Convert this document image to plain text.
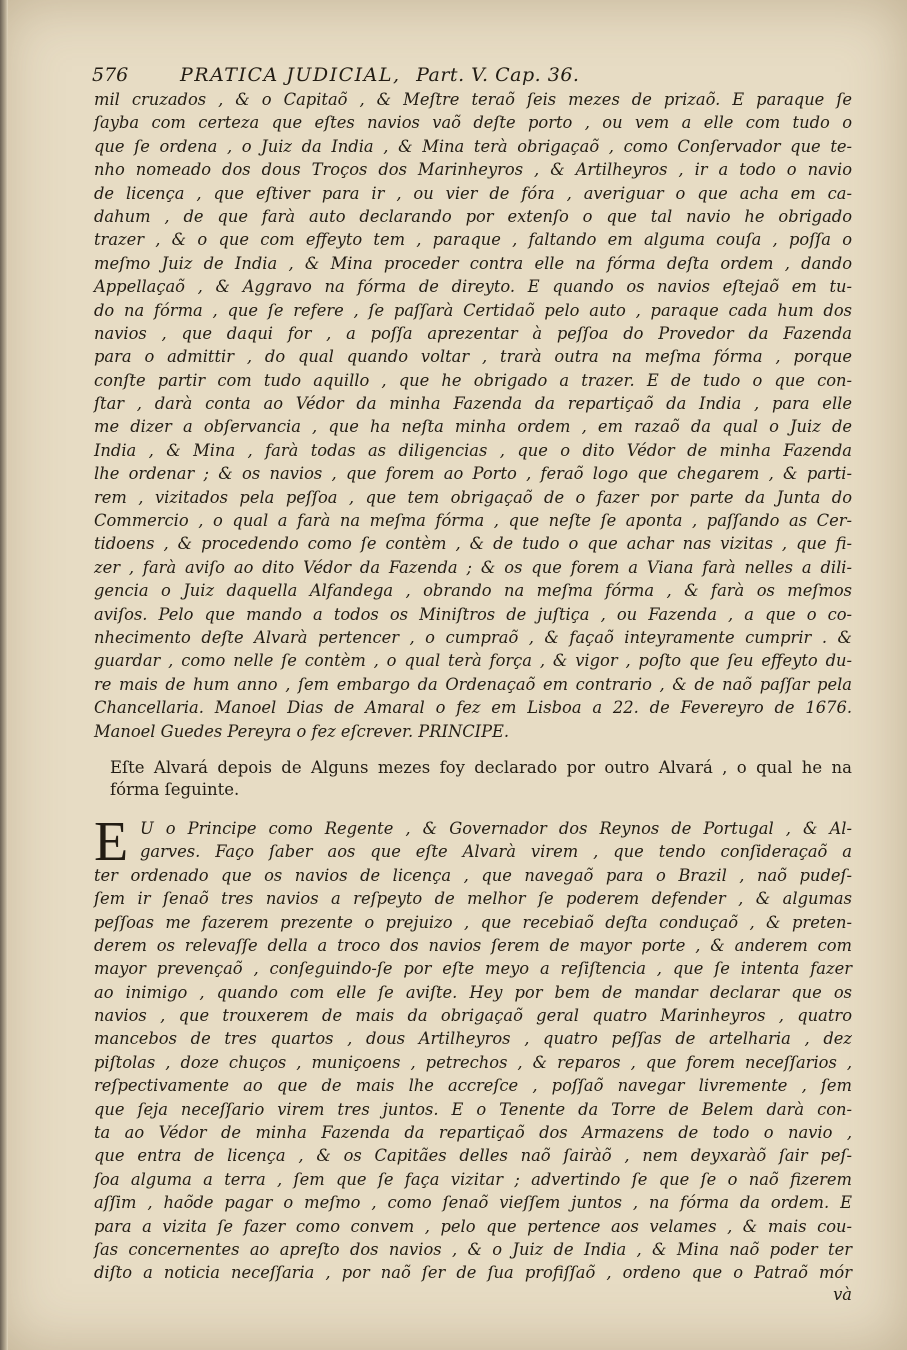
576	PRATICA JUDICIAL, Part. V. Cap. 36.
mil cruzados , & o Capitaõ , & Meſtre teraõ ſeis mezes de prizaõ. E paraque ſe
ſayba com certeza que eſtes navios vaõ deſte porto , ou vem a elle com tudo o
que ſe ordena , o Juiz da India , & Mina terà obrigaçaõ , como Conſervador que te-
nho nomeado dos dous Troços dos Marinheyros , & Artilheyros , ir a todo o navio
de licença , que eſtiver para ir , ou vier de fóra , averiguar o que acha em ca-
dahum , de que farà auto declarando por extenſo o que tal navio he obrigado
trazer , & o que com effeyto tem , paraque , faltando em alguma couſa , poſſa o
meſmo Juiz de India , & Mina proceder contra elle na fórma deſta ordem , dando
Appellaçaõ , & Aggravo na fórma de direyto. E quando os navios eſtejaõ em tu-
do na fórma , que ſe refere , ſe paſſarà Certidaõ pelo auto , paraque cada hum dos
navios , que daqui for , a poſſa aprezentar à peſſoa do Provedor da Fazenda
para o admittir , do qual quando voltar , trarà outra na meſma fórma , porque
conſte partir com tudo aquillo , que he obrigado a trazer. E de tudo o que con-
ſtar , darà conta ao Védor da minha Fazenda da repartiçaõ da India , para elle
me dizer a obſervancia , que ha neſta minha ordem , em razaõ da qual o Juiz de
India , & Mina , farà todas as diligencias , que o dito Védor de minha Fazenda
lhe ordenar ; & os navios , que forem ao Porto , feraõ logo que chegarem , & parti-
rem , vizitados pela peſſoa , que tem obrigaçaõ de o fazer por parte da Junta do
Commercio , o qual a farà na meſma fórma , que neſte ſe aponta , paſſando as Cer-
tidoens , & procedendo como ſe contèm , & de tudo o que achar nas vizitas , que fi-
zer , farà aviſo ao dito Védor da Fazenda ; & os que forem a Viana farà nelles a dili-
gencia o Juiz daquella Alfandega , obrando na meſma fórma , & farà os meſmos
aviſos. Pelo que mando a todos os Miniſtros de juſtiça , ou Fazenda , a que o co-
nhecimento deſte Alvarà pertencer , o cumpraõ , & façaõ inteyramente cumprir . &
guardar , como nelle ſe contèm , o qual terà força , & vigor , poſto que ſeu effeyto du-
re mais de hum anno , ſem embargo da Ordenaçaõ em contrario , & de naõ paſſar pela
Chancellaria. Manoel Dias de Amaral o fez em Lisboa a 22. de Fevereyro de 1676.
Manoel Guedes Pereyra o fez eſcrever. PRINCIPE.
Eſte Alvará depois de Alguns mezes foy declarado por outro Alvará , o qual he na
fórma ſeguinte.
E U o Principe como Regente , & Governador dos Reynos de Portugal , & Al-
garves. Faço ſaber aos que eſte Alvarà virem , que tendo conſideraçaõ a
ter ordenado que os navios de licença , que navegaõ para o Brazil , naõ pudeſ-
ſem ir ſenaõ tres navios a reſpeyto de melhor ſe poderem defender , & algumas
peſſoas me fazerem prezente o prejuizo , que recebiaõ deſta conduçaõ , & preten-
derem os relevaſſe della a troco dos navios ſerem de mayor porte , & anderem com
mayor prevençaõ , conſeguindo-ſe por eſte meyo a reſiſtencia , que ſe intenta fazer
ao inimigo , quando com elle ſe aviſte. Hey por bem de mandar declarar que os
navios , que trouxerem de mais da obrigaçaõ geral quatro Marinheyros , quatro
mancebos de tres quartos , dous Artilheyros , quatro peſſas de artelharia , dez
piſtolas , doze chuços , muniçoens , petrechos , & reparos , que forem neceſſarios ,
reſpectivamente ao que de mais lhe accreſce , poſſaõ navegar livremente , ſem
que ſeja neceſſario virem tres juntos. E o Tenente da Torre de Belem darà con-
ta ao Védor de minha Fazenda da repartiçaõ dos Armazens de todo o navio ,
que entra de licença , & os Capitães delles naõ ſairàõ , nem deyxaràõ ſair peſ-
ſoa alguma a terra , ſem que ſe faça vizitar ; advertindo ſe que ſe o naõ fizerem
aſſim , haõde pagar o meſmo , como ſenaõ vieſſem juntos , na fórma da ordem. E
para a vizita ſe fazer como convem , pelo que pertence aos velames , & mais cou-
ſas concernentes ao apreſto dos navios , & o Juiz de India , & Mina naõ poder ter
diſto a noticia neceſſaria , por naõ ſer de ſua profiſſaõ , ordeno que o Patraõ mór
và
